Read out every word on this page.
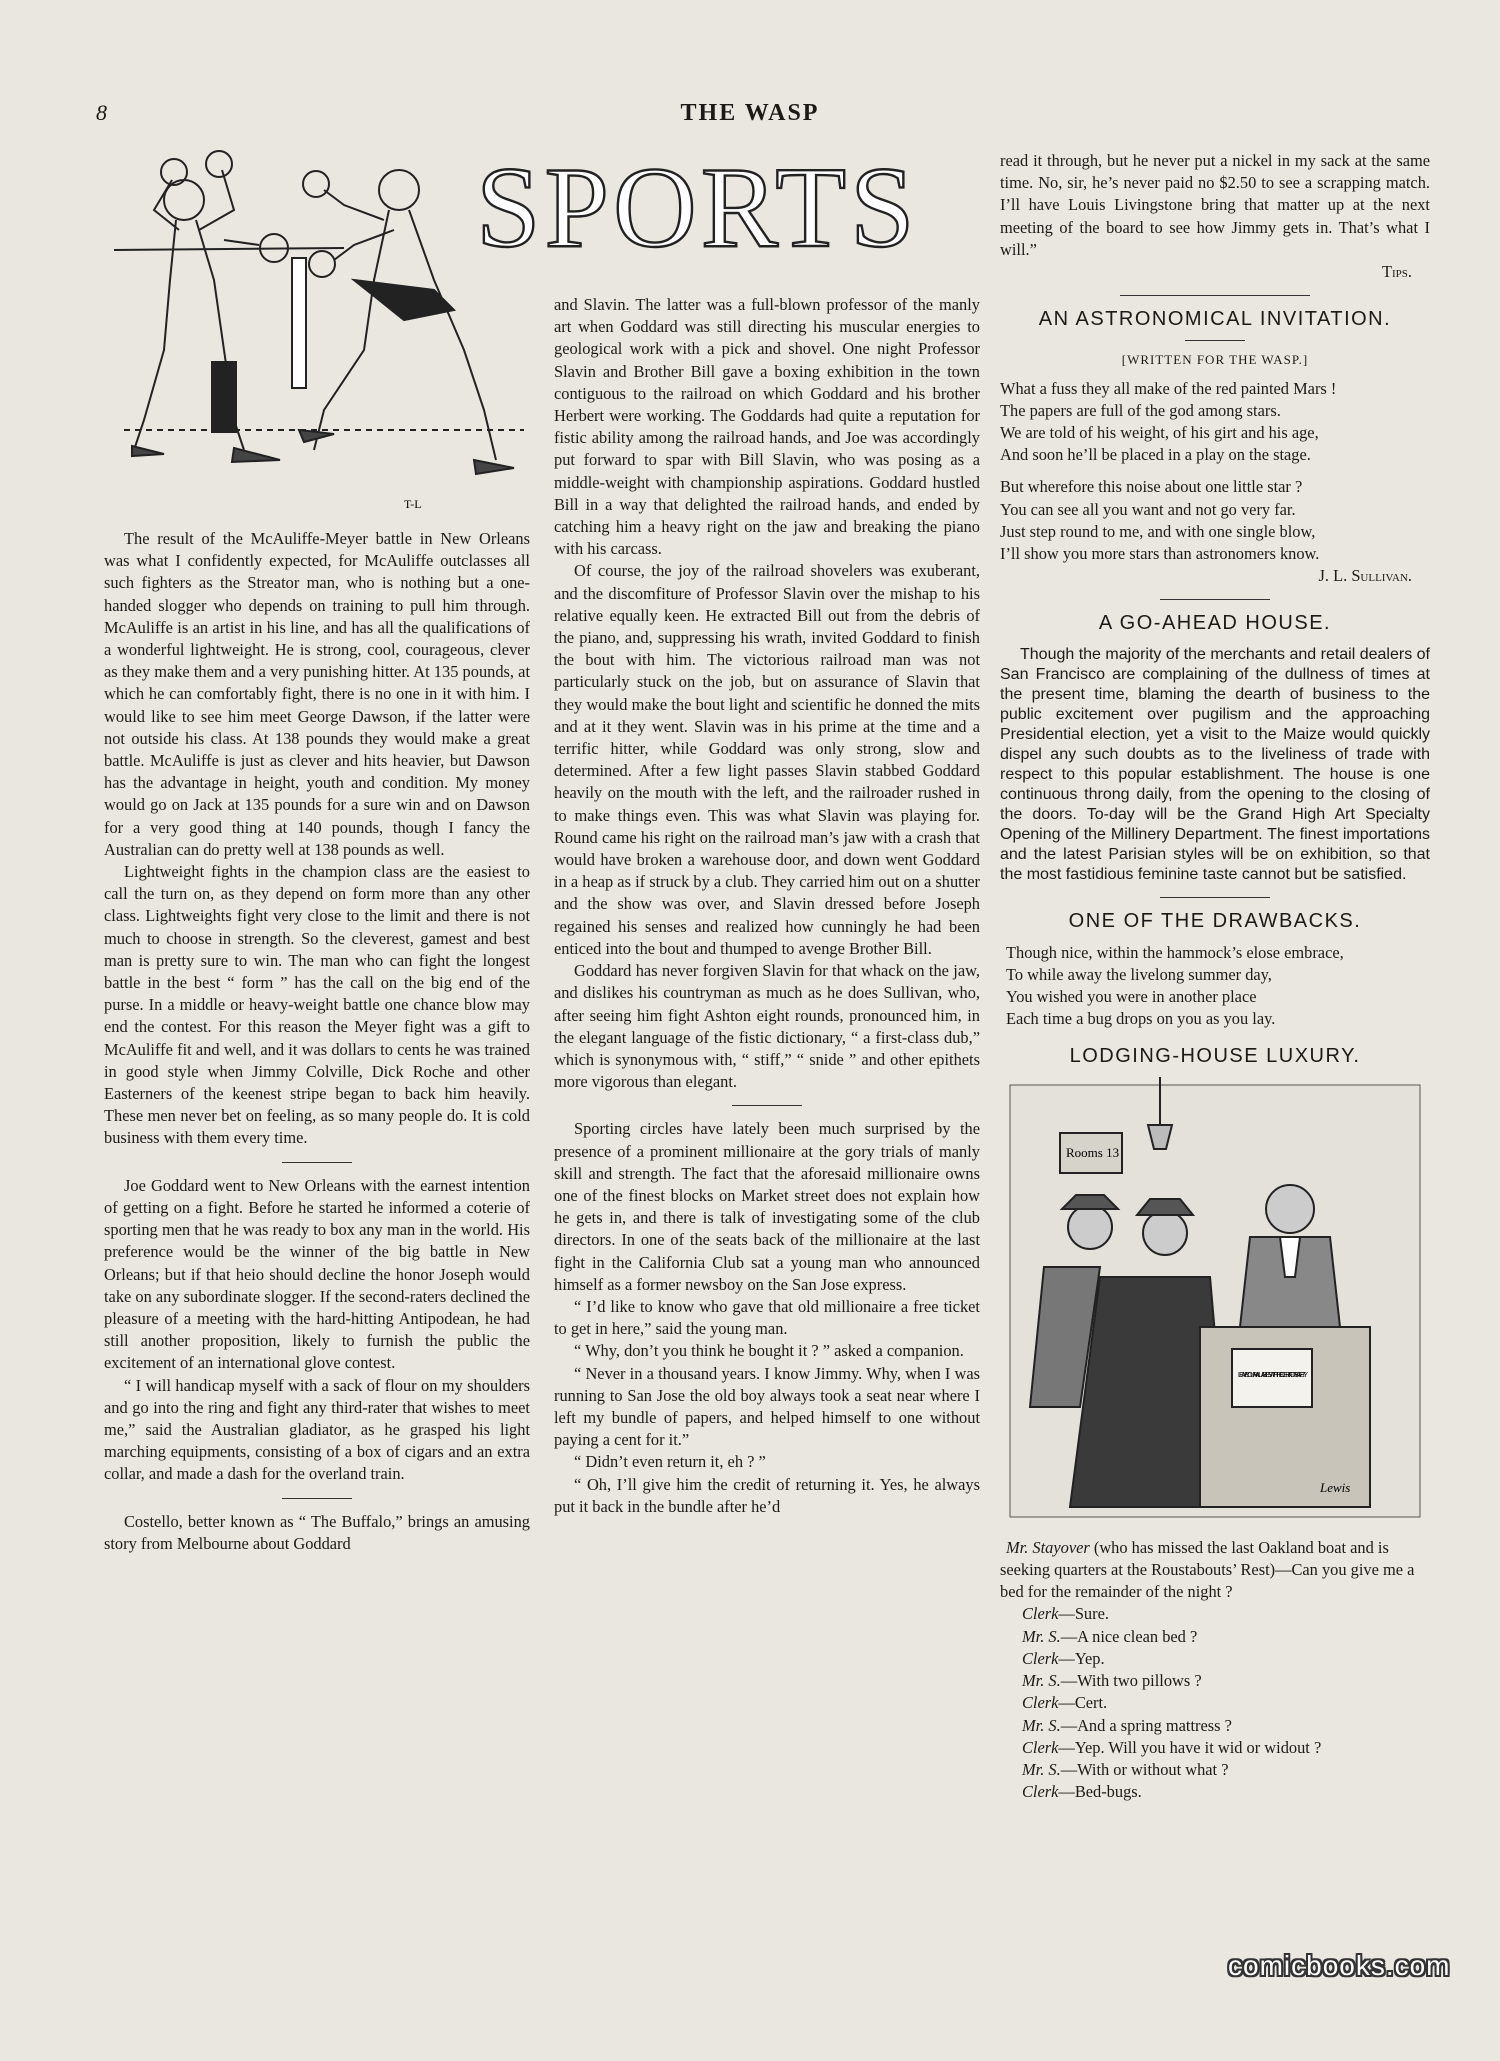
8	THE WASP
T-L
SPORTS

The result of the McAuliffe-Meyer battle in New Orleans was what I confidently expected, for McAuliffe outclasses all such fighters as the Streator man, who is nothing but a one-handed slogger who depends on training to pull him through. McAuliffe is an artist in his line, and has all the qualifications of a wonderful lightweight. He is strong, cool, courageous, clever as they make them and a very punishing hitter. At 135 pounds, at which he can comfortably fight, there is no one in it with him. I would like to see him meet George Dawson, if the latter were not outside his class. At 138 pounds they would make a great battle. McAuliffe is just as clever and hits heavier, but Dawson has the advantage in height, youth and condition. My money would go on Jack at 135 pounds for a sure win and on Dawson for a very good thing at 140 pounds, though I fancy the Australian can do pretty well at 138 pounds as well.

Lightweight fights in the champion class are the easiest to call the turn on, as they depend on form more than any other class. Lightweights fight very close to the limit and there is not much to choose in strength. So the cleverest, gamest and best man is pretty sure to win. The man who can fight the longest battle in the best “ form ” has the call on the big end of the purse. In a middle or heavy-weight battle one chance blow may end the contest. For this reason the Meyer fight was a gift to McAuliffe fit and well, and it was dollars to cents he was trained in good style when Jimmy Colville, Dick Roche and other Easterners of the keenest stripe began to back him heavily. These men never bet on feeling, as so many people do. It is cold business with them every time.

Joe Goddard went to New Orleans with the earnest intention of getting on a fight. Before he started he informed a coterie of sporting men that he was ready to box any man in the world. His preference would be the winner of the big battle in New Orleans; but if that heio should decline the honor Joseph would take on any subordinate slogger. If the second-raters declined the pleasure of a meeting with the hard-hitting Antipodean, he had still another proposition, likely to furnish the public the excitement of an international glove contest.

“ I will handicap myself with a sack of flour on my shoulders and go into the ring and fight any third-rater that wishes to meet me,” said the Australian gladiator, as he grasped his light marching equipments, consisting of a box of cigars and an extra collar, and made a dash for the overland train.

Costello, better known as “ The Buffalo,” brings an amusing story from Melbourne about Goddard

and Slavin. The latter was a full-blown professor of the manly art when Goddard was still directing his muscular energies to geological work with a pick and shovel. One night Professor Slavin and Brother Bill gave a boxing exhibition in the town contiguous to the railroad on which Goddard and his brother Herbert were working. The Goddards had quite a reputation for fistic ability among the railroad hands, and Joe was accordingly put forward to spar with Bill Slavin, who was posing as a middle-weight with championship aspirations. Goddard hustled Bill in a way that delighted the railroad hands, and ended by catching him a heavy right on the jaw and breaking the piano with his carcass.

Of course, the joy of the railroad shovelers was exuberant, and the discomfiture of Professor Slavin over the mishap to his relative equally keen. He extracted Bill out from the debris of the piano, and, suppressing his wrath, invited Goddard to finish the bout with him. The victorious railroad man was not particularly stuck on the job, but on assurance of Slavin that they would make the bout light and scientific he donned the mits and at it they went. Slavin was in his prime at the time and a terrific hitter, while Goddard was only strong, slow and determined. After a few light passes Slavin stabbed Goddard heavily on the mouth with the left, and the railroader rushed in to make things even. This was what Slavin was playing for. Round came his right on the railroad man’s jaw with a crash that would have broken a warehouse door, and down went Goddard in a heap as if struck by a club. They carried him out on a shutter and the show was over, and Slavin dressed before Joseph regained his senses and realized how cunningly he had been enticed into the bout and thumped to avenge Brother Bill.

Goddard has never forgiven Slavin for that whack on the jaw, and dislikes his countryman as much as he does Sullivan, who, after seeing him fight Ashton eight rounds, pronounced him, in the elegant language of the fistic dictionary, “ a first-class dub,” which is synonymous with, “ stiff,” “ snide ” and other epithets more vigorous than elegant.

Sporting circles have lately been much surprised by the presence of a prominent millionaire at the gory trials of manly skill and strength. The fact that the aforesaid millionaire owns one of the finest blocks on Market street does not explain how he gets in, and there is talk of investigating some of the club directors. In one of the seats back of the millionaire at the last fight in the California Club sat a young man who announced himself as a former newsboy on the San Jose express.

“ I’d like to know who gave that old millionaire a free ticket to get in here,” said the young man.

“ Why, don’t you think he bought it ? ” asked a companion.

“ Never in a thousand years. I know Jimmy. Why, when I was running to San Jose the old boy always took a seat near where I left my bundle of papers, and helped himself to one without paying a cent for it.”

“ Didn’t even return it, eh ? ”

“ Oh, I’ll give him the credit of returning it. Yes, he always put it back in the bundle after he’d

read it through, but he never put a nickel in my sack at the same time. No, sir, he’s never paid no $2.50 to see a scrapping match. I’ll have Louis Livingstone bring that matter up at the next meeting of the board to see how Jimmy gets in. That’s what I will.”

Tips.
AN ASTRONOMICAL INVITATION.
[WRITTEN FOR THE WASP.]

What a fuss they all make of the red painted Mars !

The papers are full of the god among stars.

We are told of his weight, of his girt and his age,

And soon he’ll be placed in a play on the stage.

But wherefore this noise about one little star ?

You can see all you want and not go very far.

Just step round to me, and with one single blow,

I’ll show you more stars than astronomers know.

J. L. Sullivan.
A GO-AHEAD HOUSE.

Though the majority of the merchants and retail dealers of San Francisco are complaining of the dullness of times at the present time, blaming the dearth of business to the public excitement over pugilism and the approaching Presidential election, yet a visit to the Maize would quickly dispel any such doubts as to the liveliness of trade with respect to this popular establishment. The house is one continuous throng daily, from the opening to the closing of the doors. To-day will be the Grand High Art Specialty Opening of the Millinery Department. The finest importations and the latest Parisian styles will be on exhibition, so that the most fastidious feminine taste cannot but be satisfied.

ONE OF THE DRAWBACKS.

Though nice, within the hammock’s elose embrace,

To while away the livelong summer day,

You wished you were in another place

Each time a bug drops on you as you lay.

LODGING-HOUSE LUXURY.
Rooms 13
LEAVE YOUR VALUABLES WITH THE CLERK FOR SAFETY
Lewis

Mr. Stayover (who has missed the last Oakland boat and is seeking quarters at the Roustabouts’ Rest)—Can you give me a bed for the remainder of the night ?

Clerk—Sure.

Mr. S.—A nice clean bed ?

Clerk—Yep.

Mr. S.—With two pillows ?

Clerk—Cert.

Mr. S.—And a spring mattress ?

Clerk—Yep. Will you have it wid or widout ?

Mr. S.—With or without what ?

Clerk—Bed-bugs.

comicbooks.com
